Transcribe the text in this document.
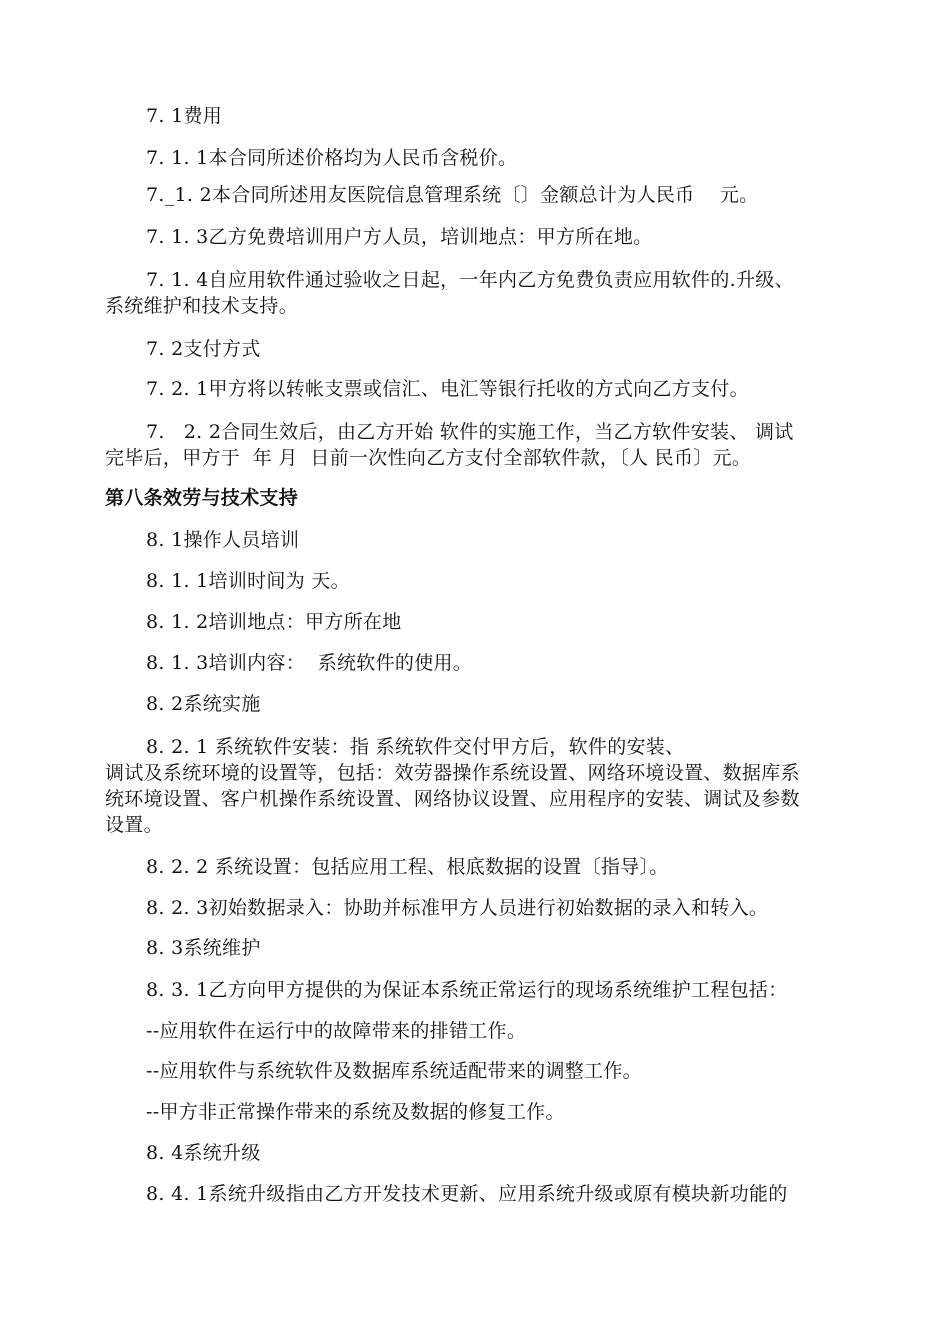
7. 1费用
7. 1. 1本合同所述价格均为人民币含税价。
7._1. 2本合同所述用友医院信息管理系统〔〕金额总计为人民币    元。
7. 1. 3乙方免费培训用户方人员，培训地点：甲方所在地。
7. 1. 4自应用软件通过验收之日起，一年内乙方免费负责应用软件的.升级、
系统维护和技术支持。
7. 2支付方式
7. 2. 1甲方将以转帐支票或信汇、电汇等银行托收的方式向乙方支付。
7.   2. 2合同生效后，由乙方开始 软件的实施工作，当乙方软件安装、 调试
完毕后，甲方于  年 月  日前一次性向乙方支付全部软件款，〔人 民币〕元。
第八条效劳与技术支持
8. 1操作人员培训
8. 1. 1培训时间为 天。
8. 1. 2培训地点：甲方所在地
8. 1. 3培训内容：  系统软件的使用。
8. 2系统实施
8. 2. 1 系统软件安装：指 系统软件交付甲方后，软件的安装、
调试及系统环境的设置等，包括：效劳器操作系统设置、网络环境设置、数据库系
统环境设置、客户机操作系统设置、网络协议设置、应用程序的安装、调试及参数
设置。
8. 2. 2 系统设置：包括应用工程、根底数据的设置〔指导〕。
8. 2. 3初始数据录入：协助并标准甲方人员进行初始数据的录入和转入。
8. 3系统维护
8. 3. 1乙方向甲方提供的为保证本系统正常运行的现场系统维护工程包括：
--应用软件在运行中的故障带来的排错工作。
--应用软件与系统软件及数据库系统适配带来的调整工作。
--甲方非正常操作带来的系统及数据的修复工作。
8. 4系统升级
8. 4. 1系统升级指由乙方开发技术更新、应用系统升级或原有模块新功能的
